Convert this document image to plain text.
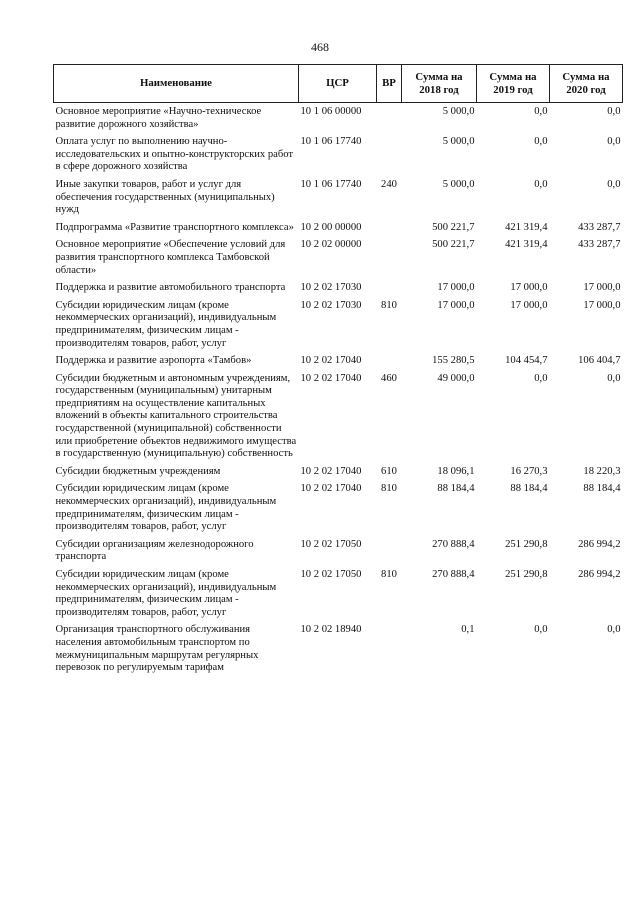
468
Наименование	ЦСР	ВР	Сумма на 2018 год	Сумма на 2019 год	Сумма на 2020 год
Основное мероприятие «Научно-техническое развитие дорожного хозяйства»	10 1 06 00000		5 000,0	0,0	0,0
Оплата услуг по выполнению научно-исследовательских и опытно-конструкторских работ в сфере дорожного хозяйства	10 1 06 17740		5 000,0	0,0	0,0
Иные закупки товаров, работ и услуг для обеспечения государственных (муниципальных) нужд	10 1 06 17740	240	5 000,0	0,0	0,0
Подпрограмма «Развитие транспортного комплекса»	10 2 00 00000		500 221,7	421 319,4	433 287,7
Основное мероприятие «Обеспечение условий для развития транспортного комплекса Тамбовской области»	10 2 02 00000		500 221,7	421 319,4	433 287,7
Поддержка и развитие автомобильного транспорта	10 2 02 17030		17 000,0	17 000,0	17 000,0
Субсидии юридическим лицам (кроме некоммерческих организаций), индивидуальным предпринимателям, физическим лицам - производителям товаров, работ, услуг	10 2 02 17030	810	17 000,0	17 000,0	17 000,0
Поддержка и развитие аэропорта «Тамбов»	10 2 02 17040		155 280,5	104 454,7	106 404,7
Субсидии бюджетным и автономным учреждениям, государственным (муниципальным) унитарным предприятиям на осуществление капитальных вложений в объекты капитального строительства государственной (муниципальной) собственности или приобретение объектов недвижимого имущества в государственную (муниципальную) собственность	10 2 02 17040	460	49 000,0	0,0	0,0
Субсидии бюджетным учреждениям	10 2 02 17040	610	18 096,1	16 270,3	18 220,3
Субсидии юридическим лицам (кроме некоммерческих организаций), индивидуальным предпринимателям, физическим лицам - производителям товаров, работ, услуг	10 2 02 17040	810	88 184,4	88 184,4	88 184,4
Субсидии организациям железнодорожного транспорта	10 2 02 17050		270 888,4	251 290,8	286 994,2
Субсидии юридическим лицам (кроме некоммерческих организаций), индивидуальным предпринимателям, физическим лицам - производителям товаров, работ, услуг	10 2 02 17050	810	270 888,4	251 290,8	286 994,2
Организация транспортного обслуживания населения автомобильным транспортом по межмуниципальным маршрутам регулярных перевозок по регулируемым тарифам	10 2 02 18940		0,1	0,0	0,0
